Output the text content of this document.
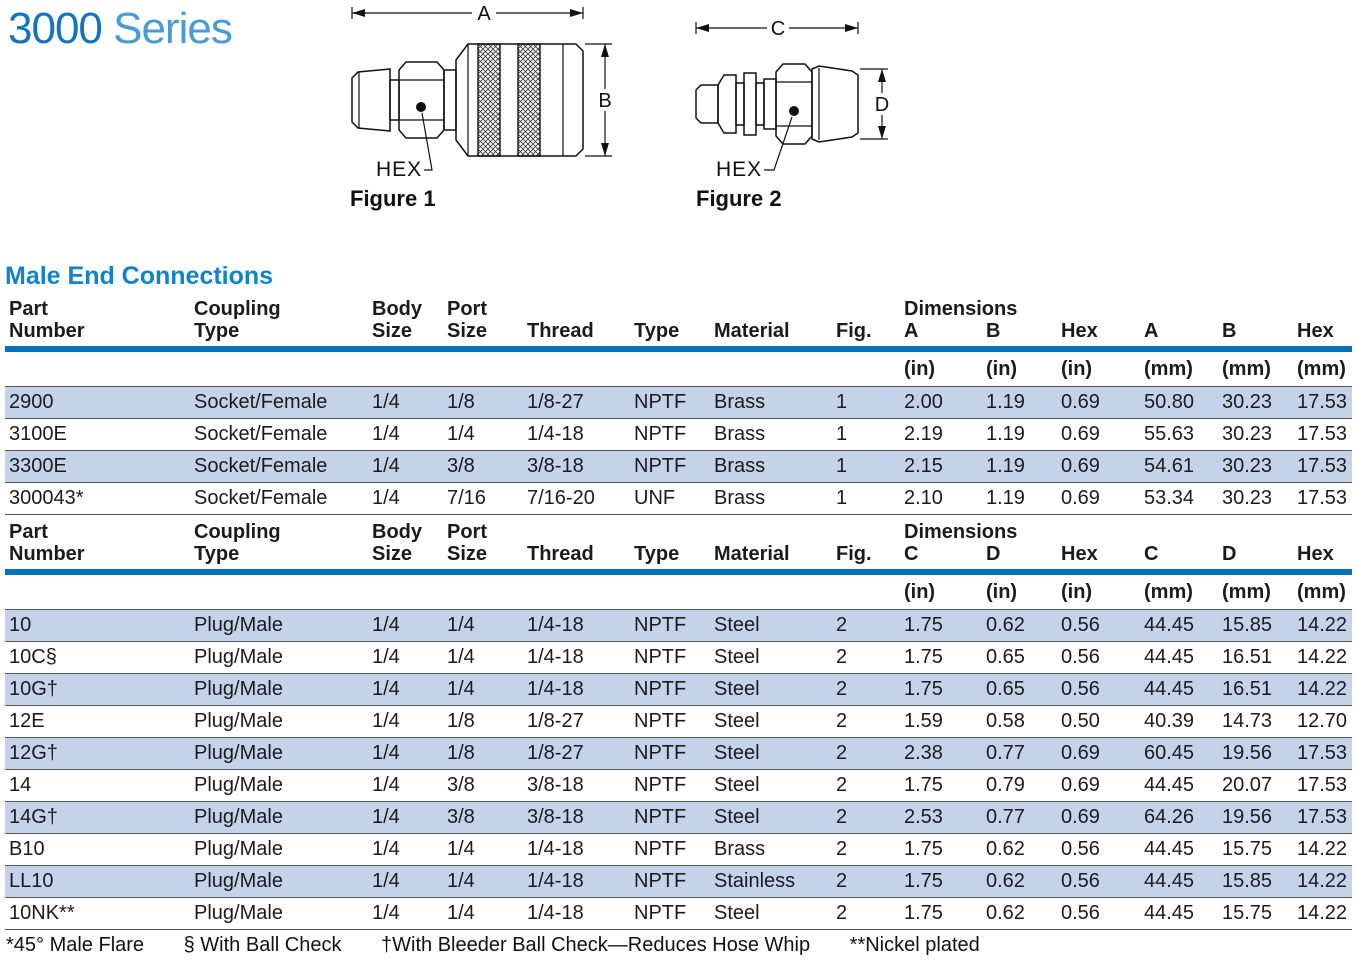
3000 Series	A
B
HEX
Figure 1
C
D
HEX
Figure 2
Male End Connections
Part	Coupling	Body	Port					Dimensions					
Number	Type	Size	Size	Thread	Type	Material	Fig.	A	B	Hex	A	B	Hex
								(in)	(in)	(in)	(mm)	(mm)	(mm)
2900	Socket/Female	1/4	1/8	1/8-27	NPTF	Brass	1	2.00	1.19	0.69	50.80	30.23	17.53
3100E	Socket/Female	1/4	1/4	1/4-18	NPTF	Brass	1	2.19	1.19	0.69	55.63	30.23	17.53
3300E	Socket/Female	1/4	3/8	3/8-18	NPTF	Brass	1	2.15	1.19	0.69	54.61	30.23	17.53
300043*	Socket/Female	1/4	7/16	7/16-20	UNF	Brass	1	2.10	1.19	0.69	53.34	30.23	17.53
Part	Coupling	Body	Port					Dimensions					
Number	Type	Size	Size	Thread	Type	Material	Fig.	C	D	Hex	C	D	Hex
								(in)	(in)	(in)	(mm)	(mm)	(mm)
10	Plug/Male	1/4	1/4	1/4-18	NPTF	Steel	2	1.75	0.62	0.56	44.45	15.85	14.22
10C§	Plug/Male	1/4	1/4	1/4-18	NPTF	Steel	2	1.75	0.65	0.56	44.45	16.51	14.22
10G†	Plug/Male	1/4	1/4	1/4-18	NPTF	Steel	2	1.75	0.65	0.56	44.45	16.51	14.22
12E	Plug/Male	1/4	1/8	1/8-27	NPTF	Steel	2	1.59	0.58	0.50	40.39	14.73	12.70
12G†	Plug/Male	1/4	1/8	1/8-27	NPTF	Steel	2	2.38	0.77	0.69	60.45	19.56	17.53
14	Plug/Male	1/4	3/8	3/8-18	NPTF	Steel	2	1.75	0.79	0.69	44.45	20.07	17.53
14G†	Plug/Male	1/4	3/8	3/8-18	NPTF	Steel	2	2.53	0.77	0.69	64.26	19.56	17.53
B10	Plug/Male	1/4	1/4	1/4-18	NPTF	Brass	2	1.75	0.62	0.56	44.45	15.75	14.22
LL10	Plug/Male	1/4	1/4	1/4-18	NPTF	Stainless	2	1.75	0.62	0.56	44.45	15.85	14.22
10NK**	Plug/Male	1/4	1/4	1/4-18	NPTF	Steel	2	1.75	0.62	0.56	44.45	15.75	14.22
*45° Male Flare § With Ball Check †With Bleeder Ball Check—Reduces Hose Whip **Nickel plated
